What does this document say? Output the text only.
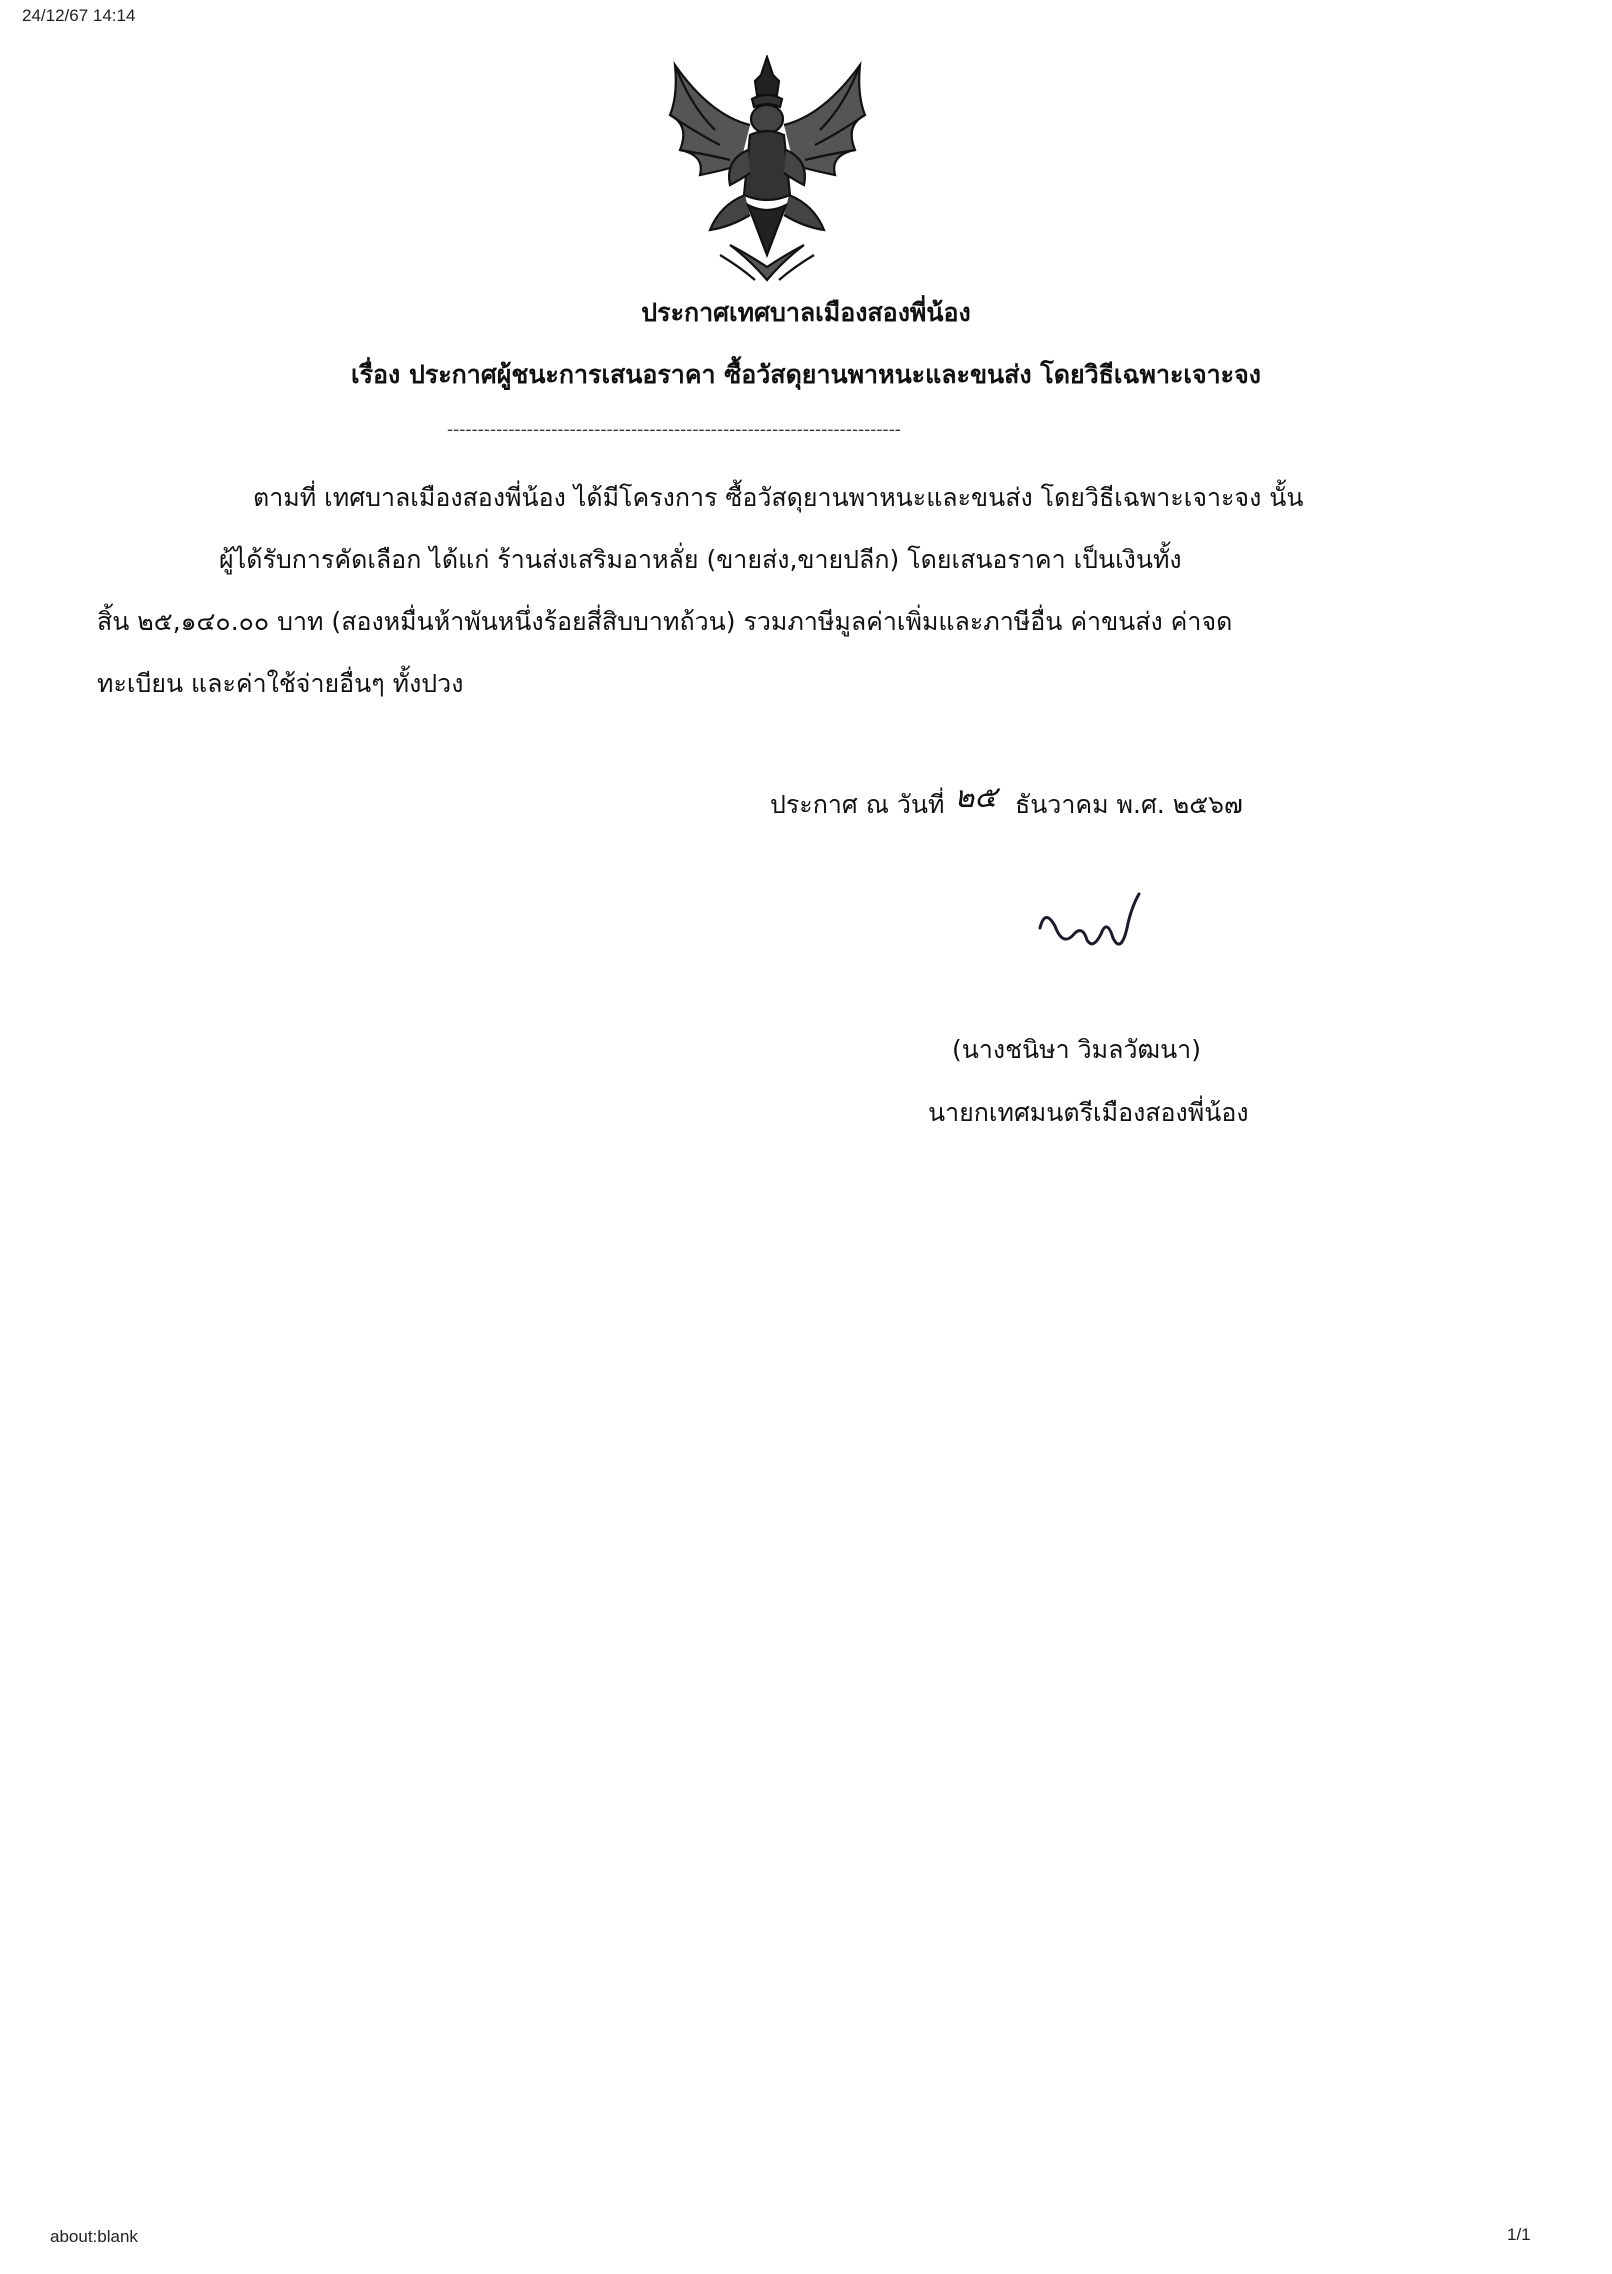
24/12/67 14:14
ประกาศเทศบาลเมืองสองพี่น้อง
เรื่อง ประกาศผู้ชนะการเสนอราคา ซื้อวัสดุยานพาหนะและขนส่ง โดยวิธีเฉพาะเจาะจง
--------------------------------------------------------------------------
ตามที่ เทศบาลเมืองสองพี่น้อง ได้มีโครงการ ซื้อวัสดุยานพาหนะและขนส่ง โดยวิธีเฉพาะเจาะจง นั้น
ผู้ได้รับการคัดเลือก ได้แก่ ร้านส่งเสริมอาหลั่ย (ขายส่ง,ขายปลีก) โดยเสนอราคา เป็นเงินทั้ง
สิ้น ๒๕,๑๔๐.๐๐ บาท (สองหมื่นห้าพันหนึ่งร้อยสี่สิบบาทถ้วน) รวมภาษีมูลค่าเพิ่มและภาษีอื่น ค่าขนส่ง ค่าจด
ทะเบียน และค่าใช้จ่ายอื่นๆ ทั้งปวง
ประกาศ ณ วันที่ ๒๕ ธันวาคม พ.ศ. ๒๕๖๗
(นางชนิษา วิมลวัฒนา)
นายกเทศมนตรีเมืองสองพี่น้อง
about:blank	1/1
